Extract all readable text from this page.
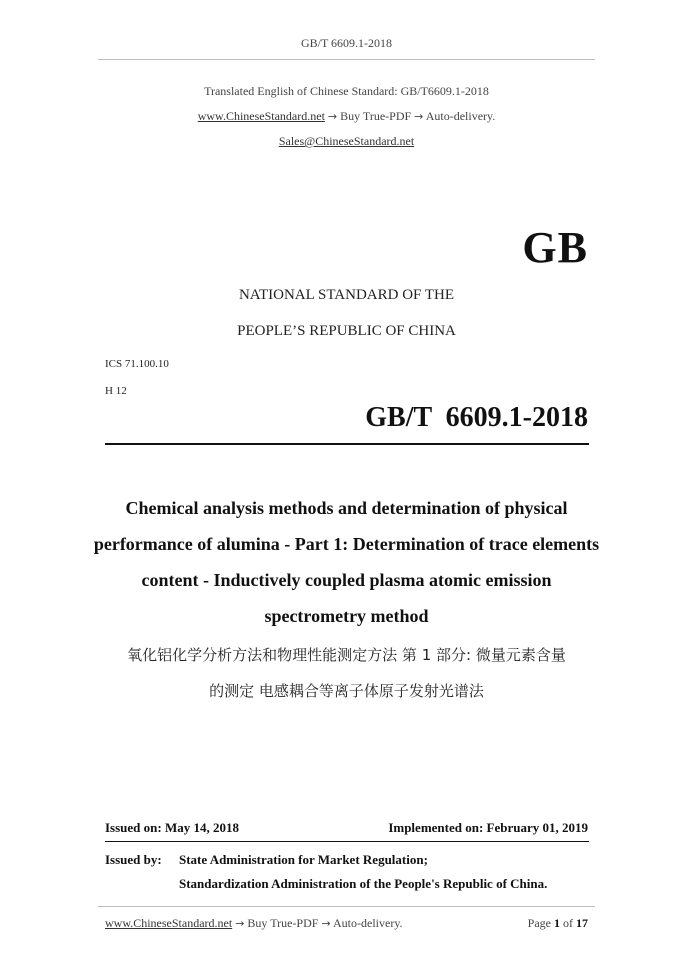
GB/T 6609.1-2018
Translated English of Chinese Standard: GB/T6609.1-2018
www.ChineseStandard.net → Buy True-PDF → Auto-delivery.
Sales@ChineseStandard.net
GB
NATIONAL STANDARD OF THE
PEOPLE’S REPUBLIC OF CHINA
ICS 71.100.10
H 12
GB/T  6609.1-2018
Chemical analysis methods and determination of physical performance of alumina - Part 1: Determination of trace elements content - Inductively coupled plasma atomic emission spectrometry method
氧化铝化学分析方法和物理性能测定方法 第 1 部分: 微量元素含量
的测定 电感耦合等离子体原子发射光谱法
Issued on: May 14, 2018	Implemented on: February 01, 2019
Issued by: State Administration for Market Regulation;
Standardization Administration of the People's Republic of China.
www.ChineseStandard.net → Buy True-PDF → Auto-delivery.	Page 1 of 17
